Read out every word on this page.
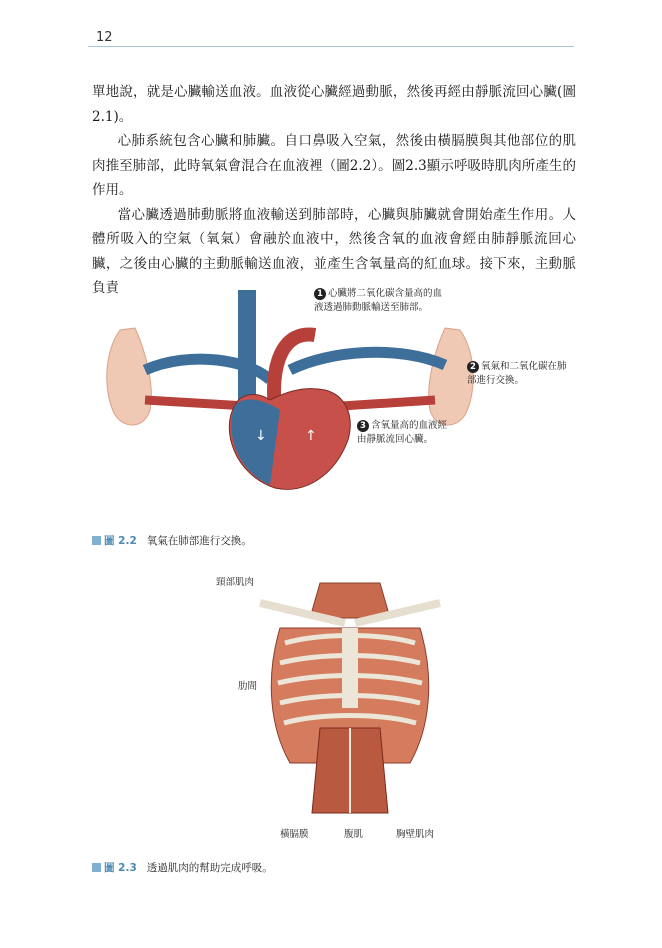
12

單地說，就是心臟輸送血液。血液從心臟經過動脈，然後再經由靜脈流回心臟(圖2.1)。

心肺系統包含心臟和肺臟。自口鼻吸入空氣，然後由橫膈膜與其他部位的肌肉推至肺部，此時氧氣會混合在血液裡（圖2.2）。圖2.3顯示呼吸時肌肉所產生的作用。

當心臟透過肺動脈將血液輸送到肺部時，心臟與肺臟就會開始產生作用。人體所吸入的空氣（氧氣）會融於血液中，然後含氧的血液會經由肺靜脈流回心臟，之後由心臟的主動脈輸送血液，並產生含氧量高的紅血球。接下來，主動脈負責

↓	↑
1 心臟將二氧化碳含量高的血液透過肺動脈輸送至肺部。
2 氧氣和二氧化碳在肺部進行交換。
3 含氧量高的血液經由靜脈流回心臟。
圖 2.2 氧氣在肺部進行交換。
頸部肌肉
肋間
橫膈膜	腹肌	胸壁肌肉
圖 2.3 透過肌肉的幫助完成呼吸。
